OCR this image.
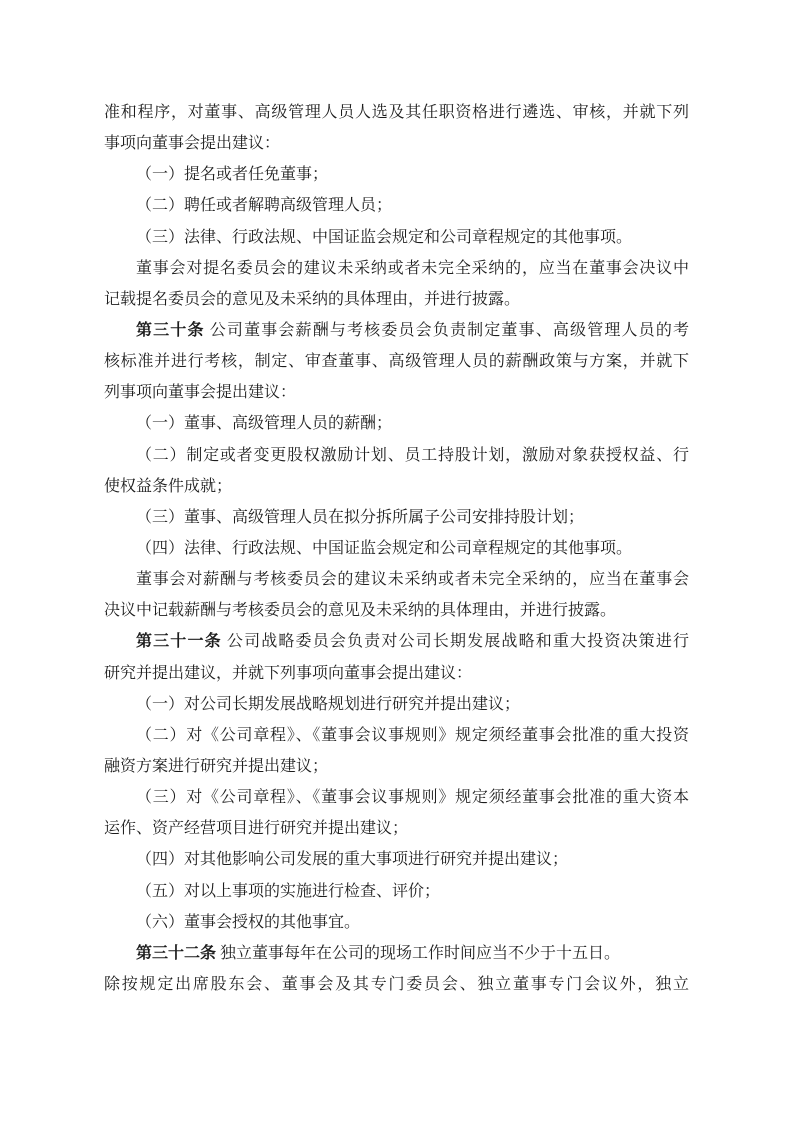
准和程序，对董事、高级管理人员人选及其任职资格进行遴选、审核，并就下列
事项向董事会提出建议：
（一）提名或者任免董事；
（二）聘任或者解聘高级管理人员；
（三）法律、行政法规、中国证监会规定和公司章程规定的其他事项。
董事会对提名委员会的建议未采纳或者未完全采纳的，应当在董事会决议中
记载提名委员会的意见及未采纳的具体理由，并进行披露。
第三十条 公司董事会薪酬与考核委员会负责制定董事、高级管理人员的考
核标准并进行考核，制定、审查董事、高级管理人员的薪酬政策与方案，并就下
列事项向董事会提出建议：
（一）董事、高级管理人员的薪酬；
（二）制定或者变更股权激励计划、员工持股计划，激励对象获授权益、行
使权益条件成就；
（三）董事、高级管理人员在拟分拆所属子公司安排持股计划；
（四）法律、行政法规、中国证监会规定和公司章程规定的其他事项。
董事会对薪酬与考核委员会的建议未采纳或者未完全采纳的，应当在董事会
决议中记载薪酬与考核委员会的意见及未采纳的具体理由，并进行披露。
第三十一条 公司战略委员会负责对公司长期发展战略和重大投资决策进行
研究并提出建议，并就下列事项向董事会提出建议：
（一）对公司长期发展战略规划进行研究并提出建议；
（二）对《公司章程》、《董事会议事规则》规定须经董事会批准的重大投资
融资方案进行研究并提出建议；
（三）对《公司章程》、《董事会议事规则》规定须经董事会批准的重大资本
运作、资产经营项目进行研究并提出建议；
（四）对其他影响公司发展的重大事项进行研究并提出建议；
（五）对以上事项的实施进行检查、评价；
（六）董事会授权的其他事宜。
第三十二条 独立董事每年在公司的现场工作时间应当不少于十五日。
除按规定出席股东会、董事会及其专门委员会、独立董事专门会议外，独立
